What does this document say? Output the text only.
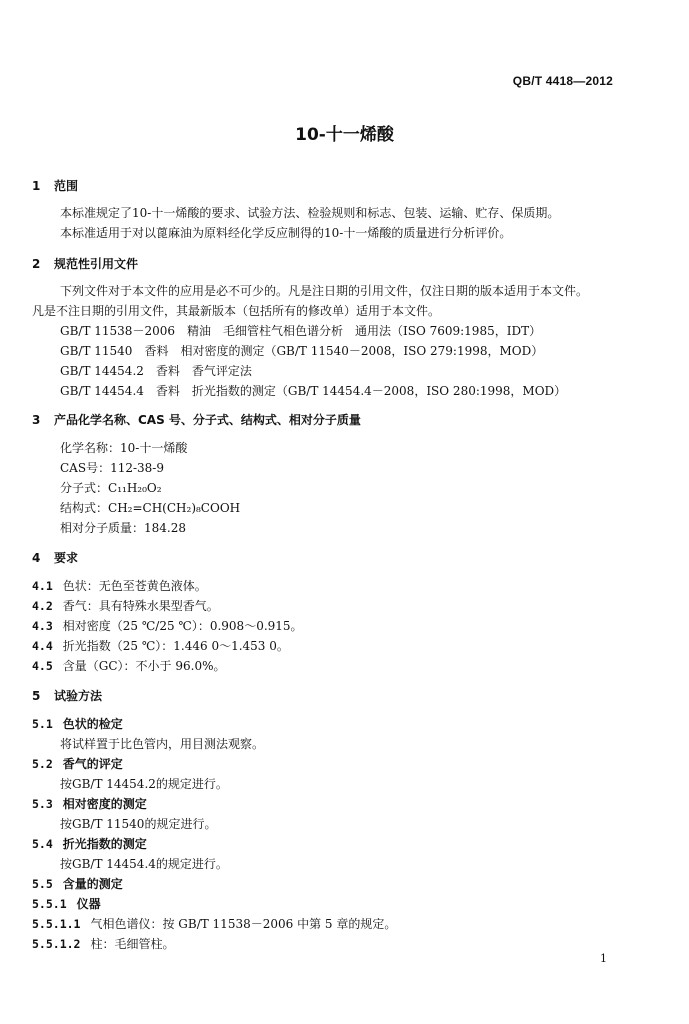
QB/T 4418—2012
10-十一烯酸
1 范围
本标准规定了10-十一烯酸的要求、试验方法、检验规则和标志、包装、运输、贮存、保质期。
本标准适用于对以蓖麻油为原料经化学反应制得的10-十一烯酸的质量进行分析评价。
2 规范性引用文件
下列文件对于本文件的应用是必不可少的。凡是注日期的引用文件，仅注日期的版本适用于本文件。
凡是不注日期的引用文件，其最新版本（包括所有的修改单）适用于本文件。
GB/T 11538－2006　精油　毛细管柱气相色谱分析　通用法（ISO 7609:1985，IDT）
GB/T 11540　香料　相对密度的测定（GB/T 11540－2008，ISO 279:1998，MOD）
GB/T 14454.2　香料　香气评定法
GB/T 14454.4　香料　折光指数的测定（GB/T 14454.4－2008，ISO 280:1998，MOD）
3 产品化学名称、CAS 号、分子式、结构式、相对分子质量
化学名称：10-十一烯酸
CAS号：112-38-9
分子式：C₁₁H₂₀O₂
结构式：CH₂=CH(CH₂)₈COOH
相对分子质量：184.28
4 要求
4.1 色状：无色至苍黄色液体。
4.2 香气：具有特殊水果型香气。
4.3 相对密度（25 ℃/25 ℃）：0.908～0.915。
4.4 折光指数（25 ℃）：1.446 0～1.453 0。
4.5 含量（GC）：不小于 96.0%。
5 试验方法
5.1 色状的检定
将试样置于比色管内，用目测法观察。
5.2 香气的评定
按GB/T 14454.2的规定进行。
5.3 相对密度的测定
按GB/T 11540的规定进行。
5.4 折光指数的测定
按GB/T 14454.4的规定进行。
5.5 含量的测定
5.5.1 仪器
5.5.1.1 气相色谱仪：按 GB/T 11538－2006 中第 5 章的规定。
5.5.1.2 柱：毛细管柱。
1
